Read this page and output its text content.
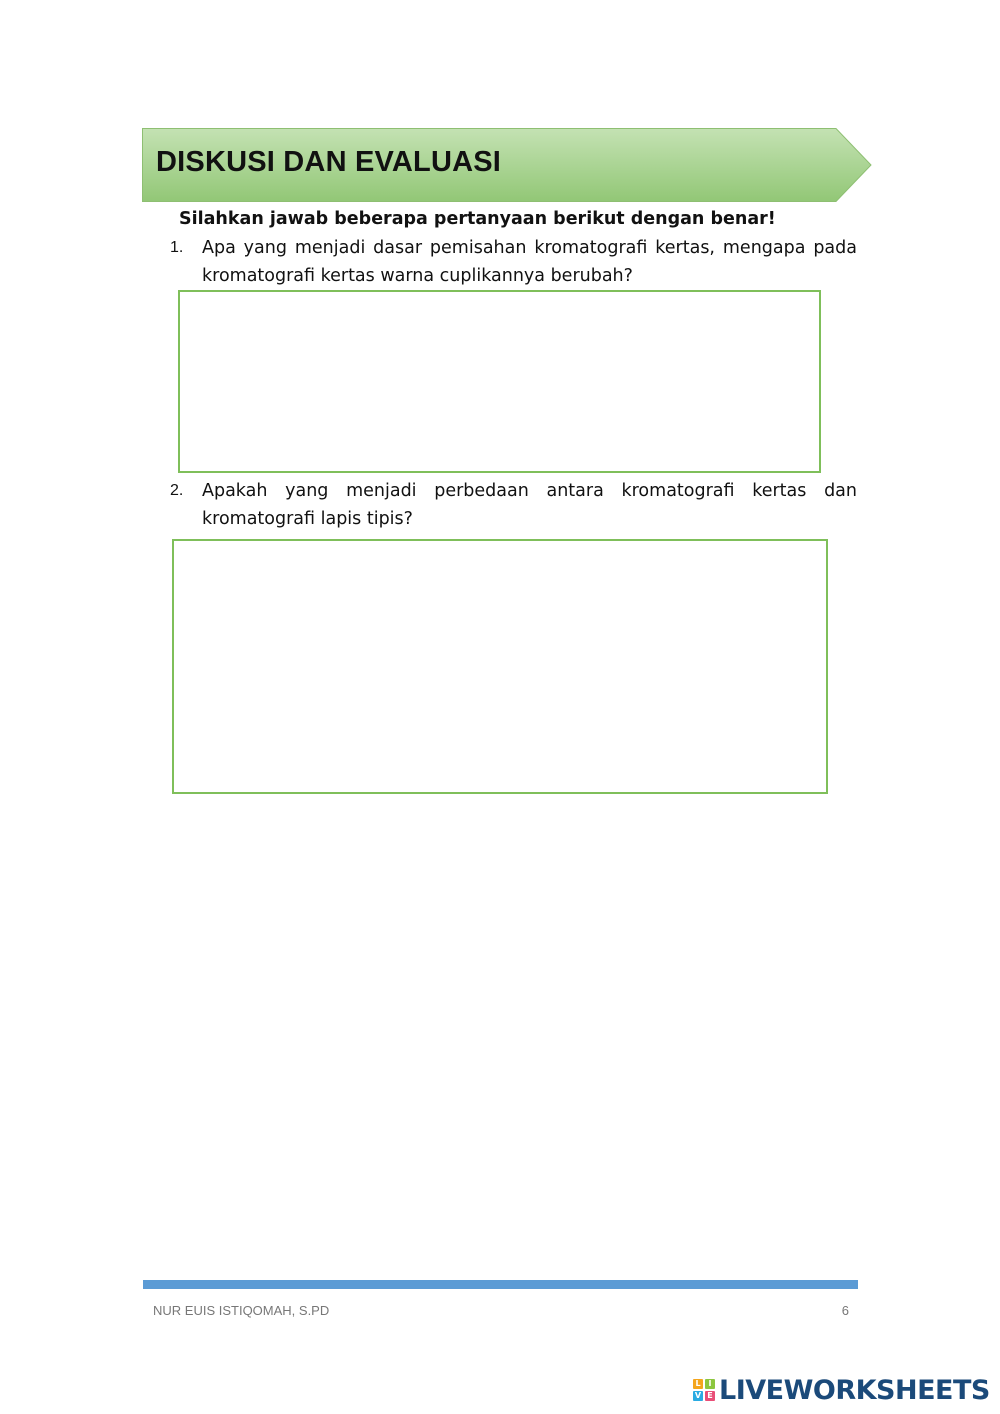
DISKUSI DAN EVALUASI
Silahkan jawab beberapa pertanyaan berikut dengan benar!
1. Apa yang menjadi dasar pemisahan kromatografi kertas, mengapa pada kromatografi kertas warna cuplikannya berubah?
2. Apakah yang menjadi perbedaan antara kromatografi kertas dan kromatografi lapis tipis?
NUR EUIS ISTIQOMAH, S.PD	6
L I
V E LIVEWORKSHEETS
